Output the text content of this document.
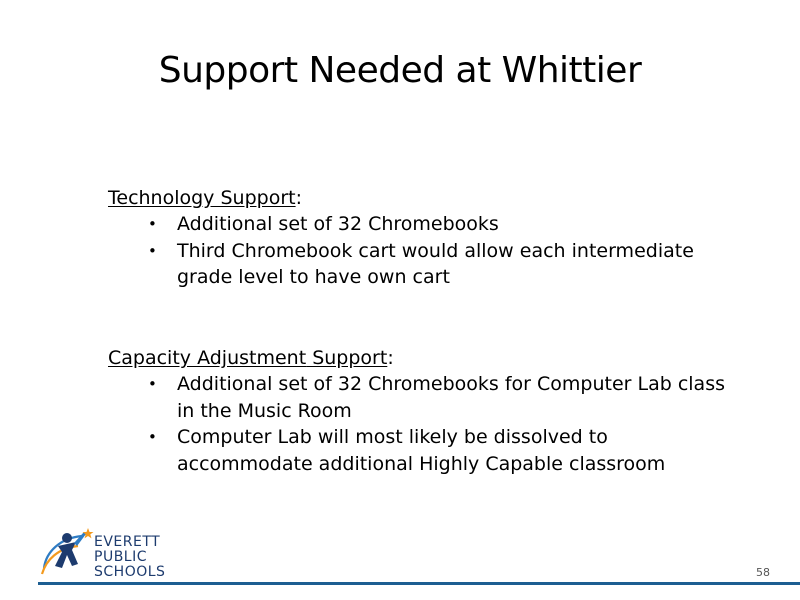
Support Needed at Whittier
Technology Support:
• Additional set of 32 Chromebooks
• Third Chromebook cart would allow each intermediate grade level to have own cart
Capacity Adjustment Support:
• Additional set of 32 Chromebooks for Computer Lab class in the Music Room
• Computer Lab will most likely be dissolved to accommodate additional Highly Capable classroom
EVERETT
PUBLIC
SCHOOLS	58
